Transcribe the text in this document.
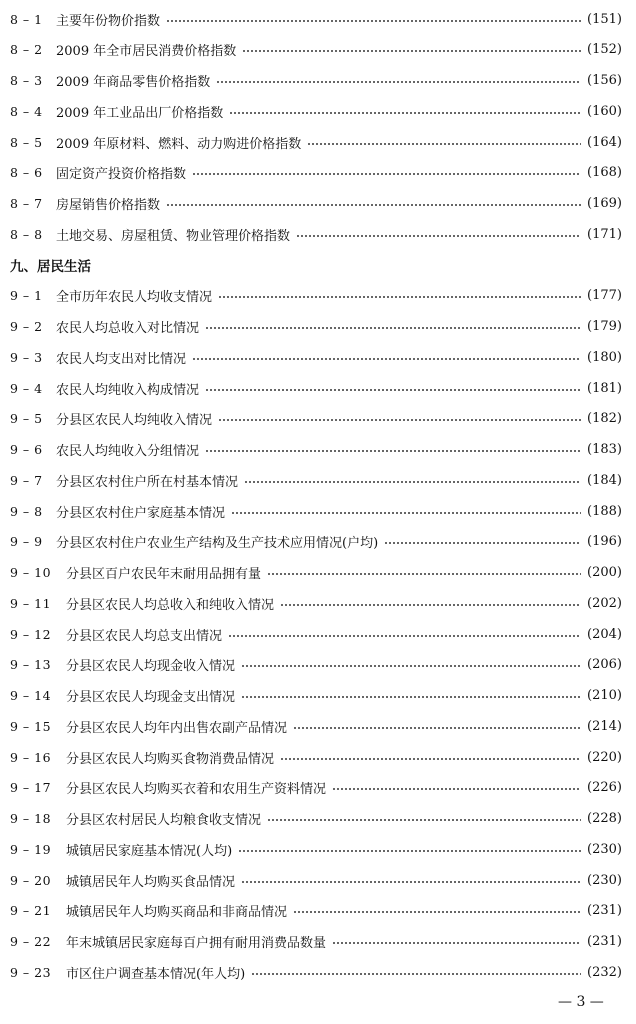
8 – 1	主要年份物价指数	(151)
8 – 2	2009 年全市居民消费价格指数	(152)
8 – 3	2009 年商品零售价格指数	(156)
8 – 4	2009 年工业品出厂价格指数	(160)
8 – 5	2009 年原材料、燃料、动力购进价格指数	(164)
8 – 6	固定资产投资价格指数	(168)
8 – 7	房屋销售价格指数	(169)
8 – 8	土地交易、房屋租赁、物业管理价格指数	(171)
九、居民生活
9 – 1	全市历年农民人均收支情况	(177)
9 – 2	农民人均总收入对比情况	(179)
9 – 3	农民人均支出对比情况	(180)
9 – 4	农民人均纯收入构成情况	(181)
9 – 5	分县区农民人均纯收入情况	(182)
9 – 6	农民人均纯收入分组情况	(183)
9 – 7	分县区农村住户所在村基本情况	(184)
9 – 8	分县区农村住户家庭基本情况	(188)
9 – 9	分县区农村住户农业生产结构及生产技术应用情况(户均)	(196)
9 – 10	分县区百户农民年末耐用品拥有量	(200)
9 – 11	分县区农民人均总收入和纯收入情况	(202)
9 – 12	分县区农民人均总支出情况	(204)
9 – 13	分县区农民人均现金收入情况	(206)
9 – 14	分县区农民人均现金支出情况	(210)
9 – 15	分县区农民人均年内出售农副产品情况	(214)
9 – 16	分县区农民人均购买食物消费品情况	(220)
9 – 17	分县区农民人均购买衣着和农用生产资料情况	(226)
9 – 18	分县区农村居民人均粮食收支情况	(228)
9 – 19	城镇居民家庭基本情况(人均)	(230)
9 – 20	城镇居民年人均购买食品情况	(230)
9 – 21	城镇居民年人均购买商品和非商品情况	(231)
9 – 22	年末城镇居民家庭每百户拥有耐用消费品数量	(231)
9 – 23	市区住户调查基本情况(年人均)	(232)
— 3 —
